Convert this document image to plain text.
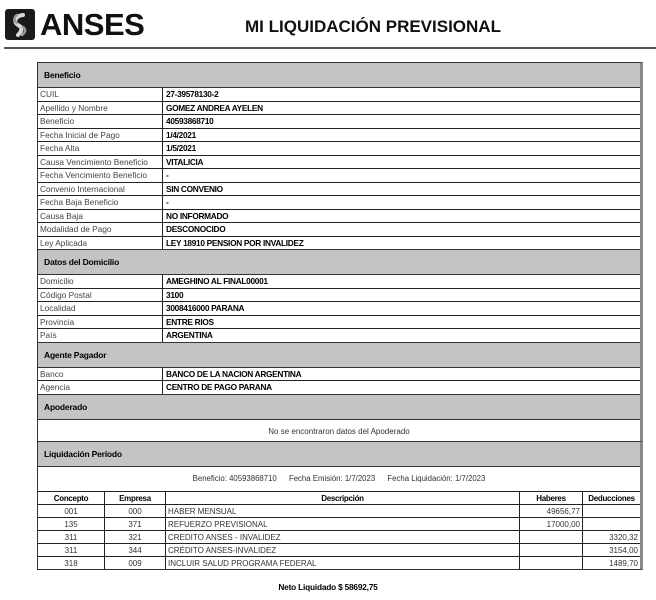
ANSES	MI LIQUIDACIÓN PREVISIONAL
Beneficio
CUIL	27-39578130-2
Apellido y Nombre	GOMEZ ANDREA AYELEN
Beneficio	40593868710
Fecha Inicial de Pago	1/4/2021
Fecha Alta	1/5/2021
Causa Vencimiento Beneficio	VITALICIA
Fecha Vencimiento Beneficio	-
Convenio Internacional	SIN CONVENIO
Fecha Baja Beneficio	-
Causa Baja	NO INFORMADO
Modalidad de Pago	DESCONOCIDO
Ley Aplicada	LEY 18910 PENSION POR INVALIDEZ
Datos del Domicilio
Domicilio	AMEGHINO AL FINAL00001
Código Postal	3100
Localidad	3008416000 PARANA
Provincia	ENTRE RIOS
País	ARGENTINA
Agente Pagador
Banco	BANCO DE LA NACION ARGENTINA
Agencia	CENTRO DE PAGO PARANA
Apoderado
No se encontraron datos del Apoderado
Liquidación Período
Beneficio: 40593868710 Fecha Emisión: 1/7/2023 Fecha Liquidación: 1/7/2023
Concepto	Empresa	Descripción	Haberes	Deducciones
001	000	HABER MENSUAL	49656,77	
135	371	REFUERZO PREVISIONAL	17000,00	
311	321	CREDITO ANSES - INVALIDEZ		3320,32
311	344	CRÉDITO ANSES-INVALIDEZ		3154,00
318	009	INCLUIR SALUD PROGRAMA FEDERAL		1489,70
Neto Liquidado $ 58692,75
